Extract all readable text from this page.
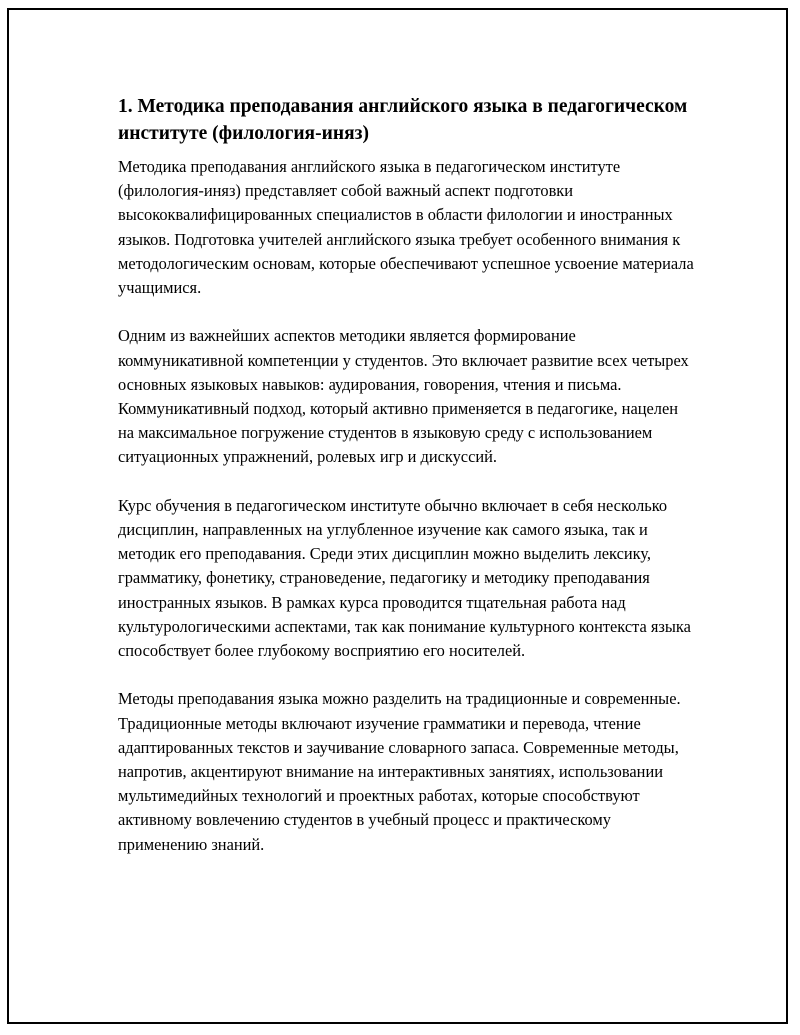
1. Методика преподавания английского языка в педагогическом институте (филология-иняз)

Методика преподавания английского языка в педагогическом институте (филология-иняз) представляет собой важный аспект подготовки высококвалифицированных специалистов в области филологии и иностранных языков. Подготовка учителей английского языка требует особенного внимания к методологическим основам, которые обеспечивают успешное усвоение материала учащимися.

Одним из важнейших аспектов методики является формирование коммуникативной компетенции у студентов. Это включает развитие всех четырех основных языковых навыков: аудирования, говорения, чтения и письма. Коммуникативный подход, который активно применяется в педагогике, нацелен на максимальное погружение студентов в языковую среду с использованием ситуационных упражнений, ролевых игр и дискуссий.

Курс обучения в педагогическом институте обычно включает в себя несколько дисциплин, направленных на углубленное изучение как самого языка, так и методик его преподавания. Среди этих дисциплин можно выделить лексику, грамматику, фонетику, страноведение, педагогику и методику преподавания иностранных языков. В рамках курса проводится тщательная работа над культурологическими аспектами, так как понимание культурного контекста языка способствует более глубокому восприятию его носителей.

Методы преподавания языка можно разделить на традиционные и современные. Традиционные методы включают изучение грамматики и перевода, чтение адаптированных текстов и заучивание словарного запаса. Современные методы, напротив, акцентируют внимание на интерактивных занятиях, использовании мультимедийных технологий и проектных работах, которые способствуют активному вовлечению студентов в учебный процесс и практическому применению знаний.
